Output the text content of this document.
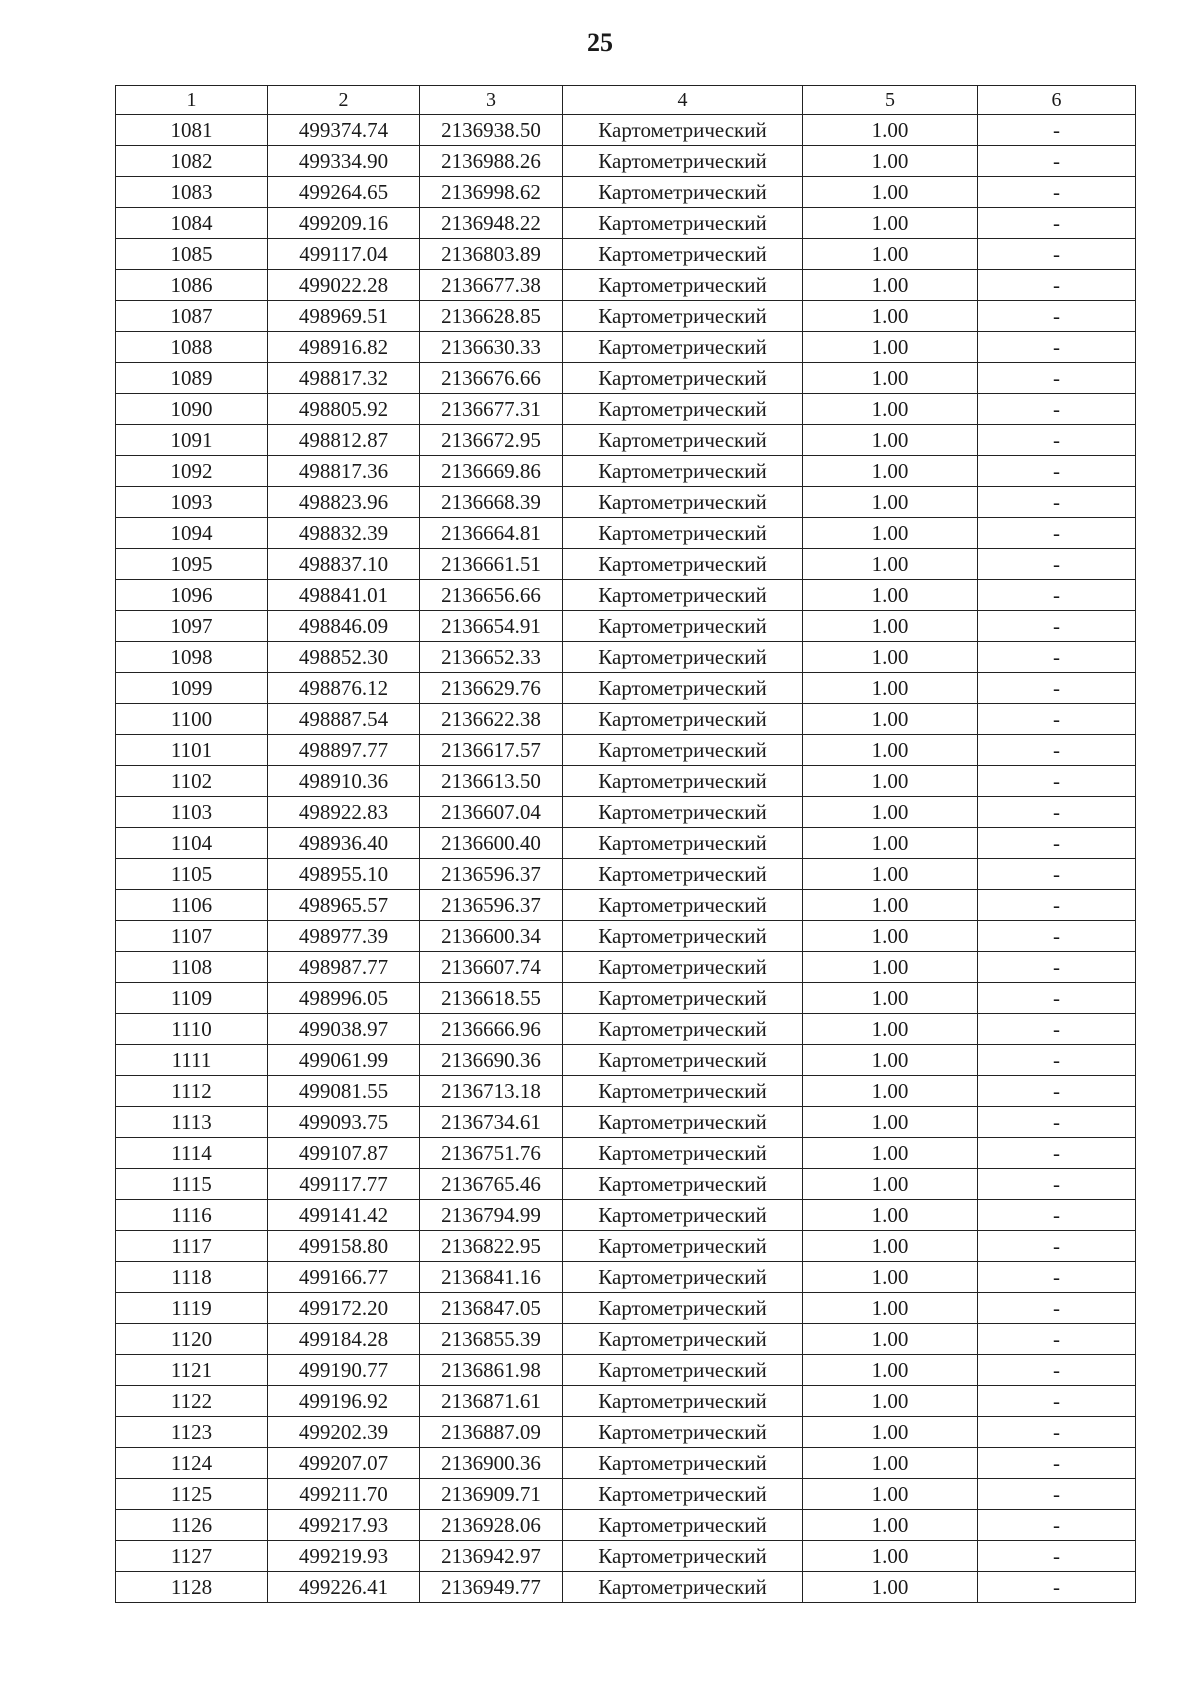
25
1	2	3	4	5	6
1081	499374.74	2136938.50	Картометрический	1.00	-
1082	499334.90	2136988.26	Картометрический	1.00	-
1083	499264.65	2136998.62	Картометрический	1.00	-
1084	499209.16	2136948.22	Картометрический	1.00	-
1085	499117.04	2136803.89	Картометрический	1.00	-
1086	499022.28	2136677.38	Картометрический	1.00	-
1087	498969.51	2136628.85	Картометрический	1.00	-
1088	498916.82	2136630.33	Картометрический	1.00	-
1089	498817.32	2136676.66	Картометрический	1.00	-
1090	498805.92	2136677.31	Картометрический	1.00	-
1091	498812.87	2136672.95	Картометрический	1.00	-
1092	498817.36	2136669.86	Картометрический	1.00	-
1093	498823.96	2136668.39	Картометрический	1.00	-
1094	498832.39	2136664.81	Картометрический	1.00	-
1095	498837.10	2136661.51	Картометрический	1.00	-
1096	498841.01	2136656.66	Картометрический	1.00	-
1097	498846.09	2136654.91	Картометрический	1.00	-
1098	498852.30	2136652.33	Картометрический	1.00	-
1099	498876.12	2136629.76	Картометрический	1.00	-
1100	498887.54	2136622.38	Картометрический	1.00	-
1101	498897.77	2136617.57	Картометрический	1.00	-
1102	498910.36	2136613.50	Картометрический	1.00	-
1103	498922.83	2136607.04	Картометрический	1.00	-
1104	498936.40	2136600.40	Картометрический	1.00	-
1105	498955.10	2136596.37	Картометрический	1.00	-
1106	498965.57	2136596.37	Картометрический	1.00	-
1107	498977.39	2136600.34	Картометрический	1.00	-
1108	498987.77	2136607.74	Картометрический	1.00	-
1109	498996.05	2136618.55	Картометрический	1.00	-
1110	499038.97	2136666.96	Картометрический	1.00	-
1111	499061.99	2136690.36	Картометрический	1.00	-
1112	499081.55	2136713.18	Картометрический	1.00	-
1113	499093.75	2136734.61	Картометрический	1.00	-
1114	499107.87	2136751.76	Картометрический	1.00	-
1115	499117.77	2136765.46	Картометрический	1.00	-
1116	499141.42	2136794.99	Картометрический	1.00	-
1117	499158.80	2136822.95	Картометрический	1.00	-
1118	499166.77	2136841.16	Картометрический	1.00	-
1119	499172.20	2136847.05	Картометрический	1.00	-
1120	499184.28	2136855.39	Картометрический	1.00	-
1121	499190.77	2136861.98	Картометрический	1.00	-
1122	499196.92	2136871.61	Картометрический	1.00	-
1123	499202.39	2136887.09	Картометрический	1.00	-
1124	499207.07	2136900.36	Картометрический	1.00	-
1125	499211.70	2136909.71	Картометрический	1.00	-
1126	499217.93	2136928.06	Картометрический	1.00	-
1127	499219.93	2136942.97	Картометрический	1.00	-
1128	499226.41	2136949.77	Картометрический	1.00	-
